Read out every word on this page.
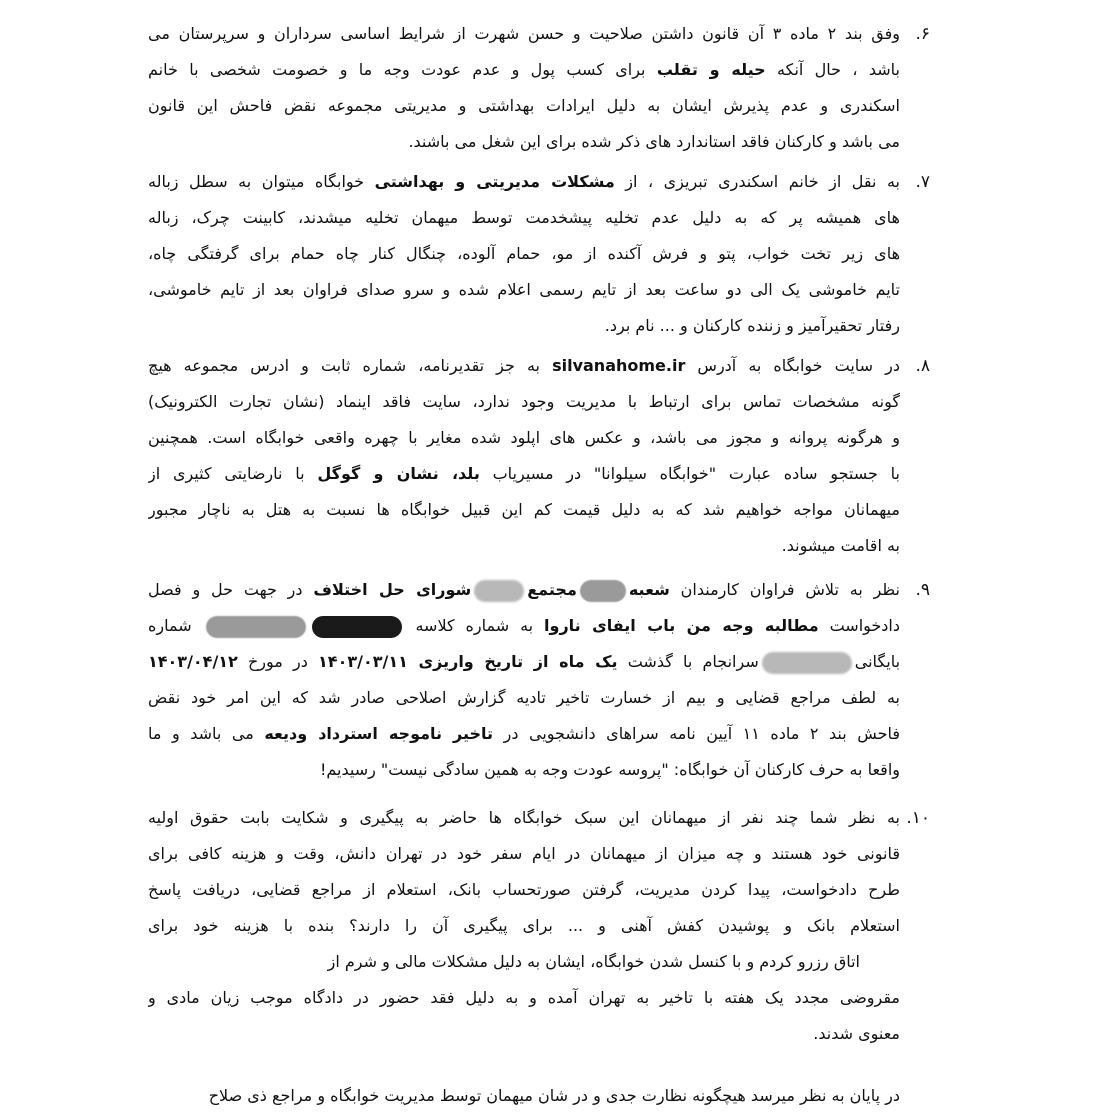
۶.
وفق بند ۲ ماده ۳ آن قانون داشتن صلاحیت و حسن شهرت از شرایط اساسی سرداران و سرپرستان می
باشد ، حال آنکه حیله و تقلب برای کسب پول و عدم عودت وجه ما و خصومت شخصی با خانم
اسکندری و عدم پذیرش ایشان به دلیل ایرادات بهداشتی و مدیریتی مجموعه نقض فاحش این قانون
می باشد و کارکنان فاقد استاندارد های ذکر شده برای این شغل می باشند.
۷.
به نقل از خانم اسکندری تبریزی ، از مشکلات مدیریتی و بهداشتی خوابگاه میتوان به سطل زباله
های همیشه پر که به دلیل عدم تخلیه پیشخدمت توسط میهمان تخلیه میشدند، کابینت چرک، زباله
های زیر تخت خواب، پتو و فرش آکنده از مو، حمام آلوده، چنگال کنار چاه حمام برای گرفتگی چاه،
تایم خاموشی یک الی دو ساعت بعد از تایم رسمی اعلام شده و سرو صدای فراوان بعد از تایم خاموشی،
رفتار تحقیرآمیز و زننده کارکنان و ... نام برد.
۸.
در سایت خوابگاه به آدرس silvanahome.ir به جز تقدیرنامه، شماره ثابت و ادرس مجموعه هیچ
گونه مشخصات تماس برای ارتباط با مدیریت وجود ندارد، سایت فاقد اینماد (نشان تجارت الکترونیک)
و هرگونه پروانه و مجوز می باشد، و عکس های اپلود شده مغایر با چهره واقعی خوابگاه است. همچنین
با جستجو ساده عبارت "خوابگاه سیلوانا" در مسیریاب بلد، نشان و گوگل با نارضایتی کثیری از
میهمانان مواجه خواهیم شد که به دلیل قیمت کم این قبیل خوابگاه ها نسبت به هتل به ناچار مجبور
به اقامت میشوند.
۹.
نظر به تلاش فراوان کارمندان شعبهمجتمعشورای حل اختلاف در جهت حل و فصل
دادخواست مطالبه وجه من باب ایفای ناروا به شماره کلاسه  شماره
بایگانیسرانجام با گذشت یک ماه از تاریخ واریزی ۱۴۰۳/۰۳/۱۱ در مورخ ۱۴۰۳/۰۴/۱۲
به لطف مراجع قضایی و بیم از خسارت تاخیر تادیه گزارش اصلاحی صادر شد که این امر خود نقض
فاحش بند ۲ ماده ۱۱ آیین نامه سراهای دانشجویی در تاخیر ناموجه استرداد ودیعه می باشد و ما
واقعا به حرف کارکنان آن خوابگاه: "پروسه عودت وجه به همین سادگی نیست" رسیدیم!
۱۰.
به نظر شما چند نفر از میهمانان این سبک خوابگاه ها حاضر به پیگیری و شکایت بابت حقوق اولیه
قانونی خود هستند و چه میزان از میهمانان در ایام سفر خود در تهران دانش، وقت و هزینه کافی برای
طرح دادخواست، پیدا کردن مدیریت، گرفتن صورتحساب بانک، استعلام از مراجع قضایی، دریافت پاسخ
استعلام بانک و پوشیدن کفش آهنی و ... برای پیگیری آن را دارند؟ بنده با هزینه خود برای
اتاق رزرو کردم و با کنسل شدن خوابگاه، ایشان به دلیل مشکلات مالی و شرم از
مقروضی مجدد یک هفته با تاخیر به تهران آمده و به دلیل فقد حضور در دادگاه موجب زیان مادی و
معنوی شدند.
در پایان به نظر میرسد هیچگونه نظارت جدی و در شان میهمان توسط مدیریت خوابگاه و مراجع ذی صلاح
